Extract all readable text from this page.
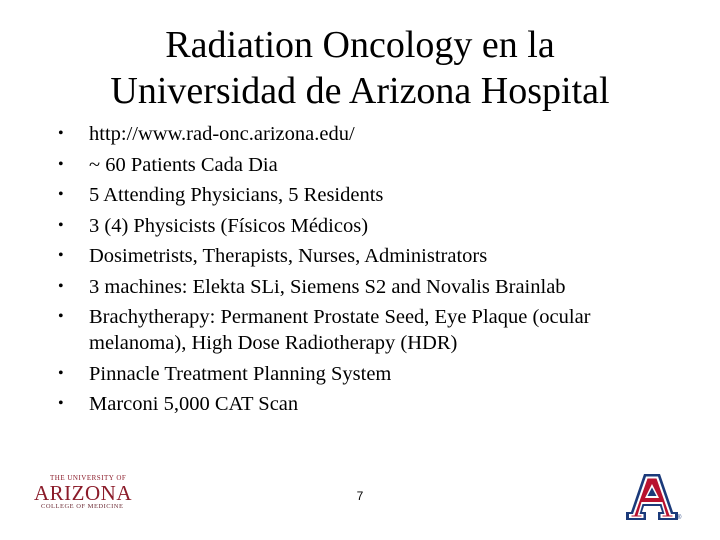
Radiation Oncology en la
Universidad de Arizona Hospital
• http://www.rad-onc.arizona.edu/
• ~ 60 Patients Cada Dia
• 5 Attending Physicians, 5 Residents
• 3 (4) Physicists (Físicos Médicos)
• Dosimetrists, Therapists, Nurses, Administrators
• 3 machines: Elekta SLi, Siemens S2 and Novalis Brainlab
• Brachytherapy: Permanent Prostate Seed, Eye Plaque (ocular melanoma), High Dose Radiotherapy (HDR)
• Pinnacle Treatment Planning System
• Marconi 5,000 CAT Scan
THE UNIVERSITY OF
ARIZONA
COLLEGE OF MEDICINE
7
®
